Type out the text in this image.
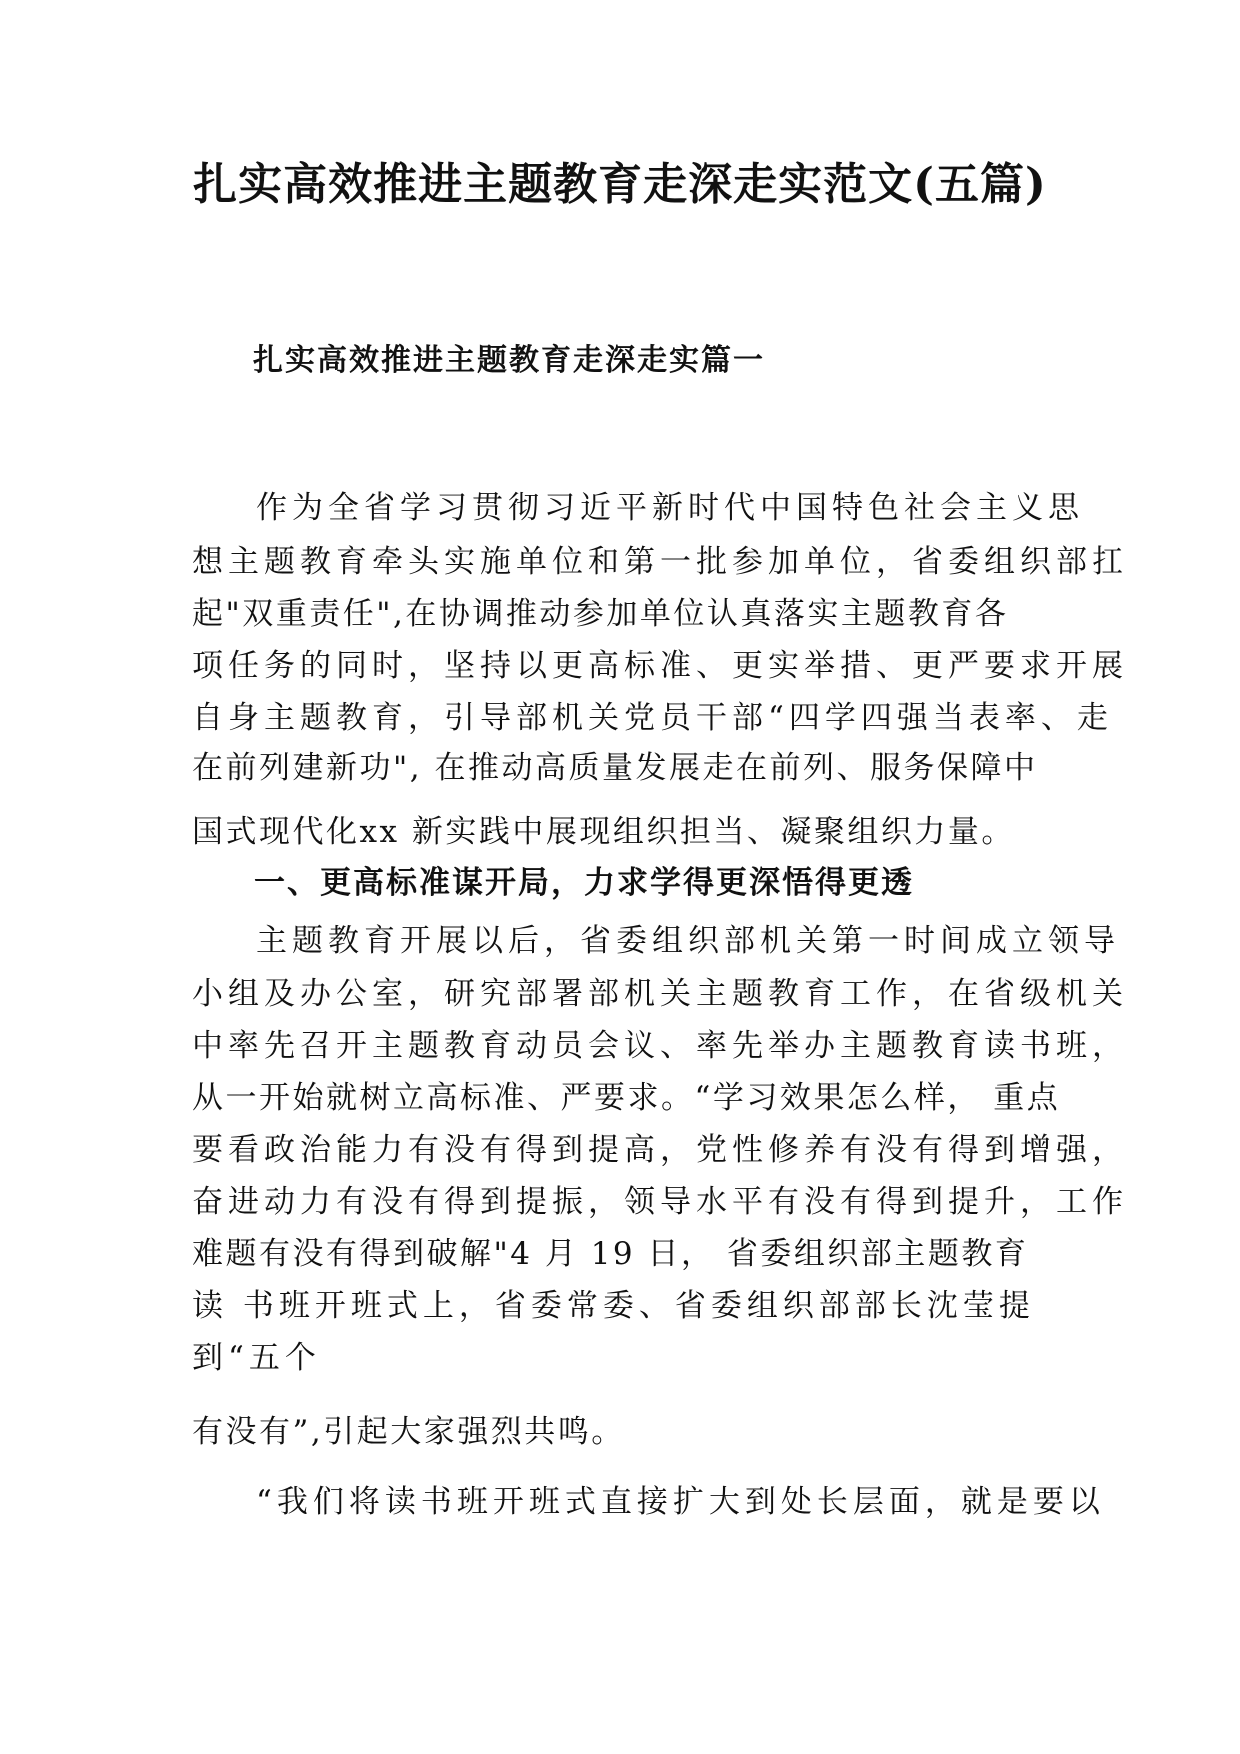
扎实高效推进主题教育走深走实范文(五篇)
扎实高效推进主题教育走深走实篇一

作为全省学习贯彻习近平新时代中国特色社会主义思

想主题教育牵头实施单位和第一批参加单位，省委组织部扛

起"双重责任",在协调推动参加单位认真落实主题教育各

项任务的同时，坚持以更高标准、更实举措、更严要求开展

自身主题教育，引导部机关党员干部“四学四强当表率、走

在前列建新功", 在推动高质量发展走在前列、服务保障中

国式现代化xx 新实践中展现组织担当、凝聚组织力量。

一、更高标准谋开局，力求学得更深悟得更透

主题教育开展以后，省委组织部机关第一时间成立领导

小组及办公室，研究部署部机关主题教育工作，在省级机关

中率先召开主题教育动员会议、率先举办主题教育读书班，

从一开始就树立高标准、严要求。“学习效果怎么样， 重点

要看政治能力有没有得到提高，党性修养有没有得到增强，

奋进动力有没有得到提振，领导水平有没有得到提升，工作

难题有没有得到破解"4 月 19 日， 省委组织部主题教育

读 书班开班式上，省委常委、省委组织部部长沈莹提

到“五个

有没有”,引起大家强烈共鸣。

“我们将读书班开班式直接扩大到处长层面，就是要以
